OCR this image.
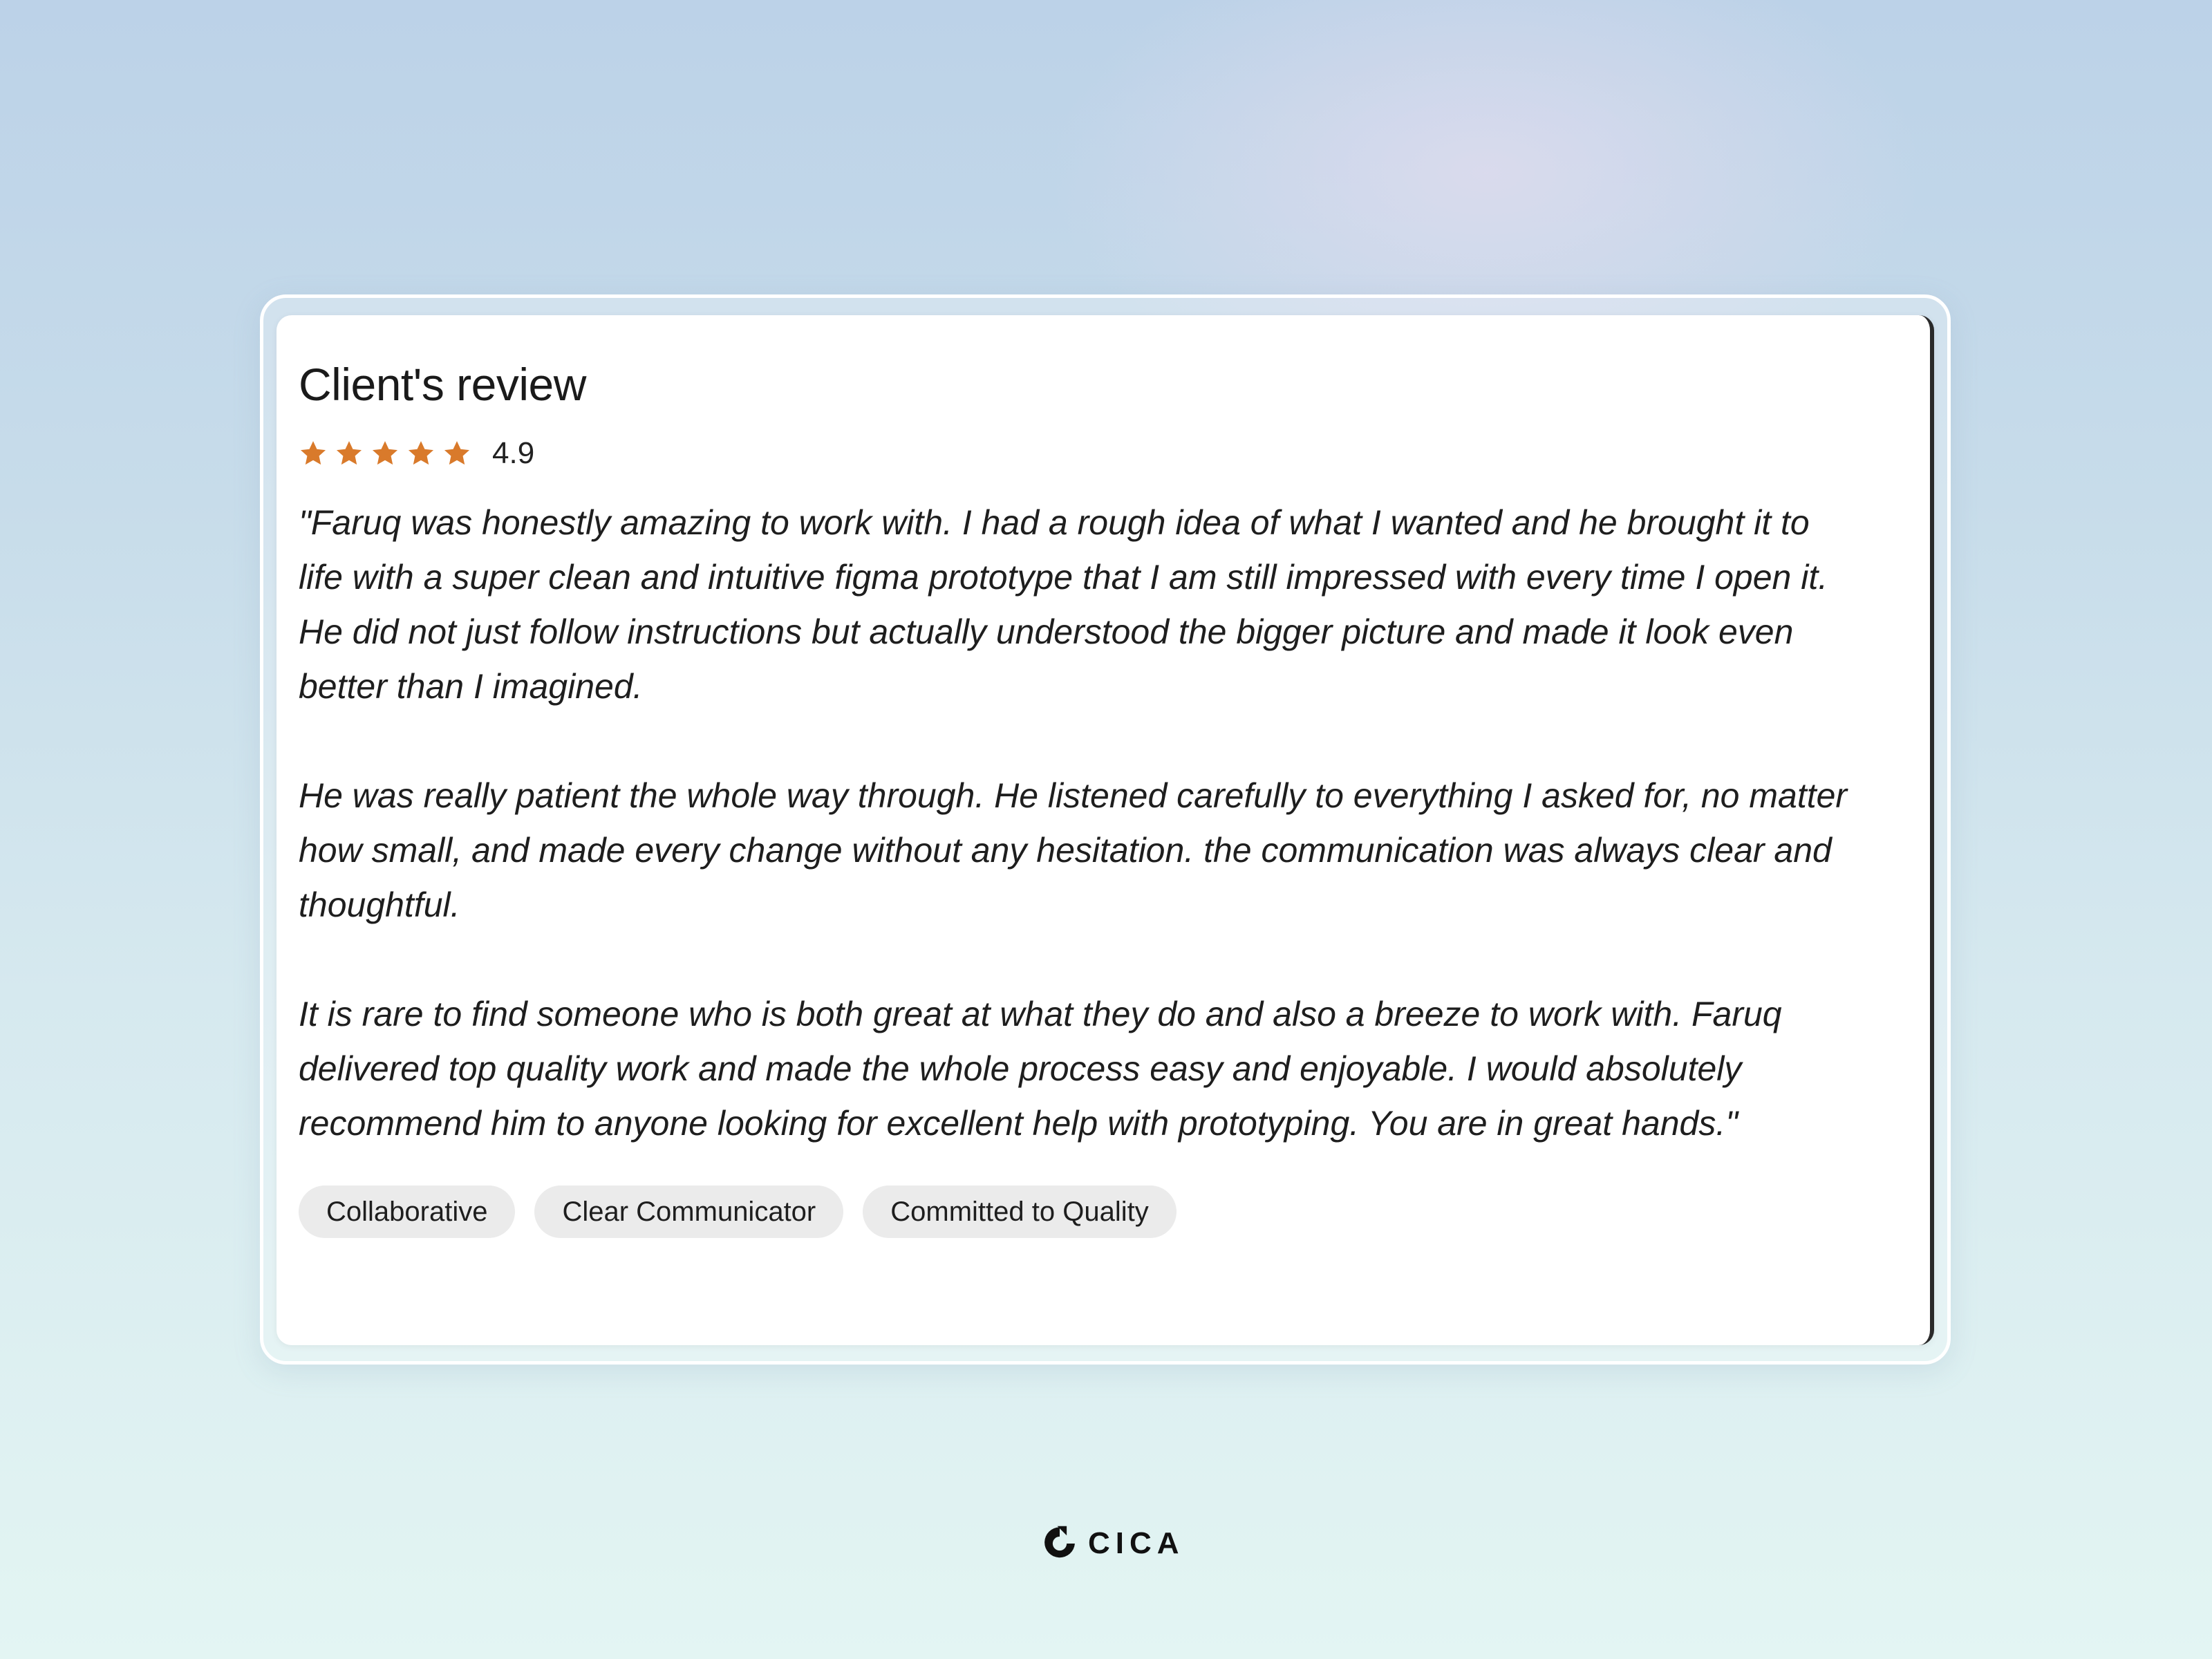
Client's review
4.9

"Faruq was honestly amazing to work with. I had a rough idea of what I wanted and he brought it to life with a super clean and intuitive figma prototype that I am still impressed with every time I open it. He did not just follow instructions but actually understood the bigger picture and made it look even better than I imagined.

He was really patient the whole way through. He listened carefully to everything I asked for, no matter how small, and made every change without any hesitation. the communication was always clear and thoughtful.

It is rare to find someone who is both great at what they do and also a breeze to work with. Faruq delivered top quality work and made the whole process easy and enjoyable. I would absolutely recommend him to anyone looking for excellent help with prototyping. You are in great hands."

Collaborative	Clear Communicator	Committed to Quality
CICA
